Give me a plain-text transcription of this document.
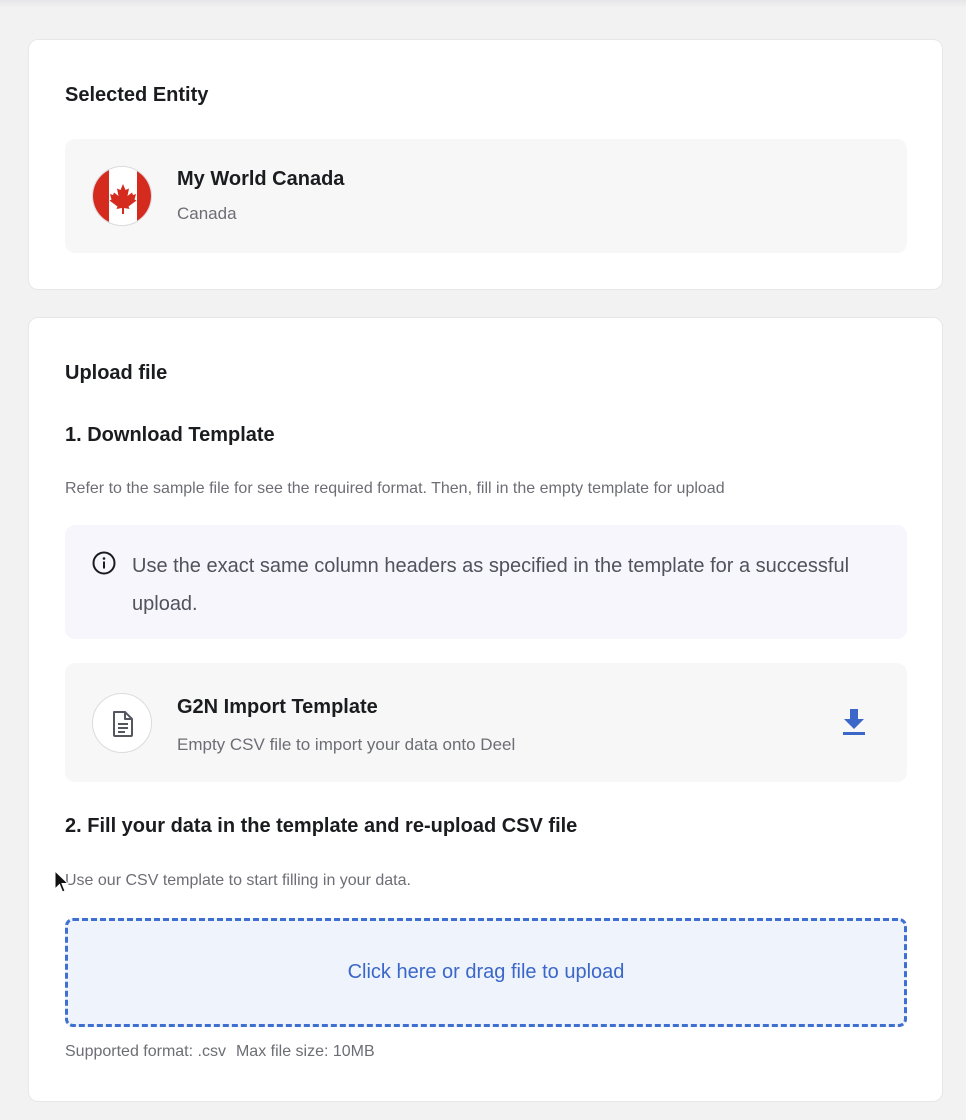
Selected Entity
My World Canada
Canada
Upload file
1. Download Template
Refer to the sample file for see the required format. Then, fill in the empty template for upload
Use the exact same column headers as specified in the template for a successful upload.
G2N Import Template
Empty CSV file to import your data onto Deel
2. Fill your data in the template and re-upload CSV file
Use our CSV template to start filling in your data.
Click here or drag file to upload
Supported format: .csv Max file size: 10MB
